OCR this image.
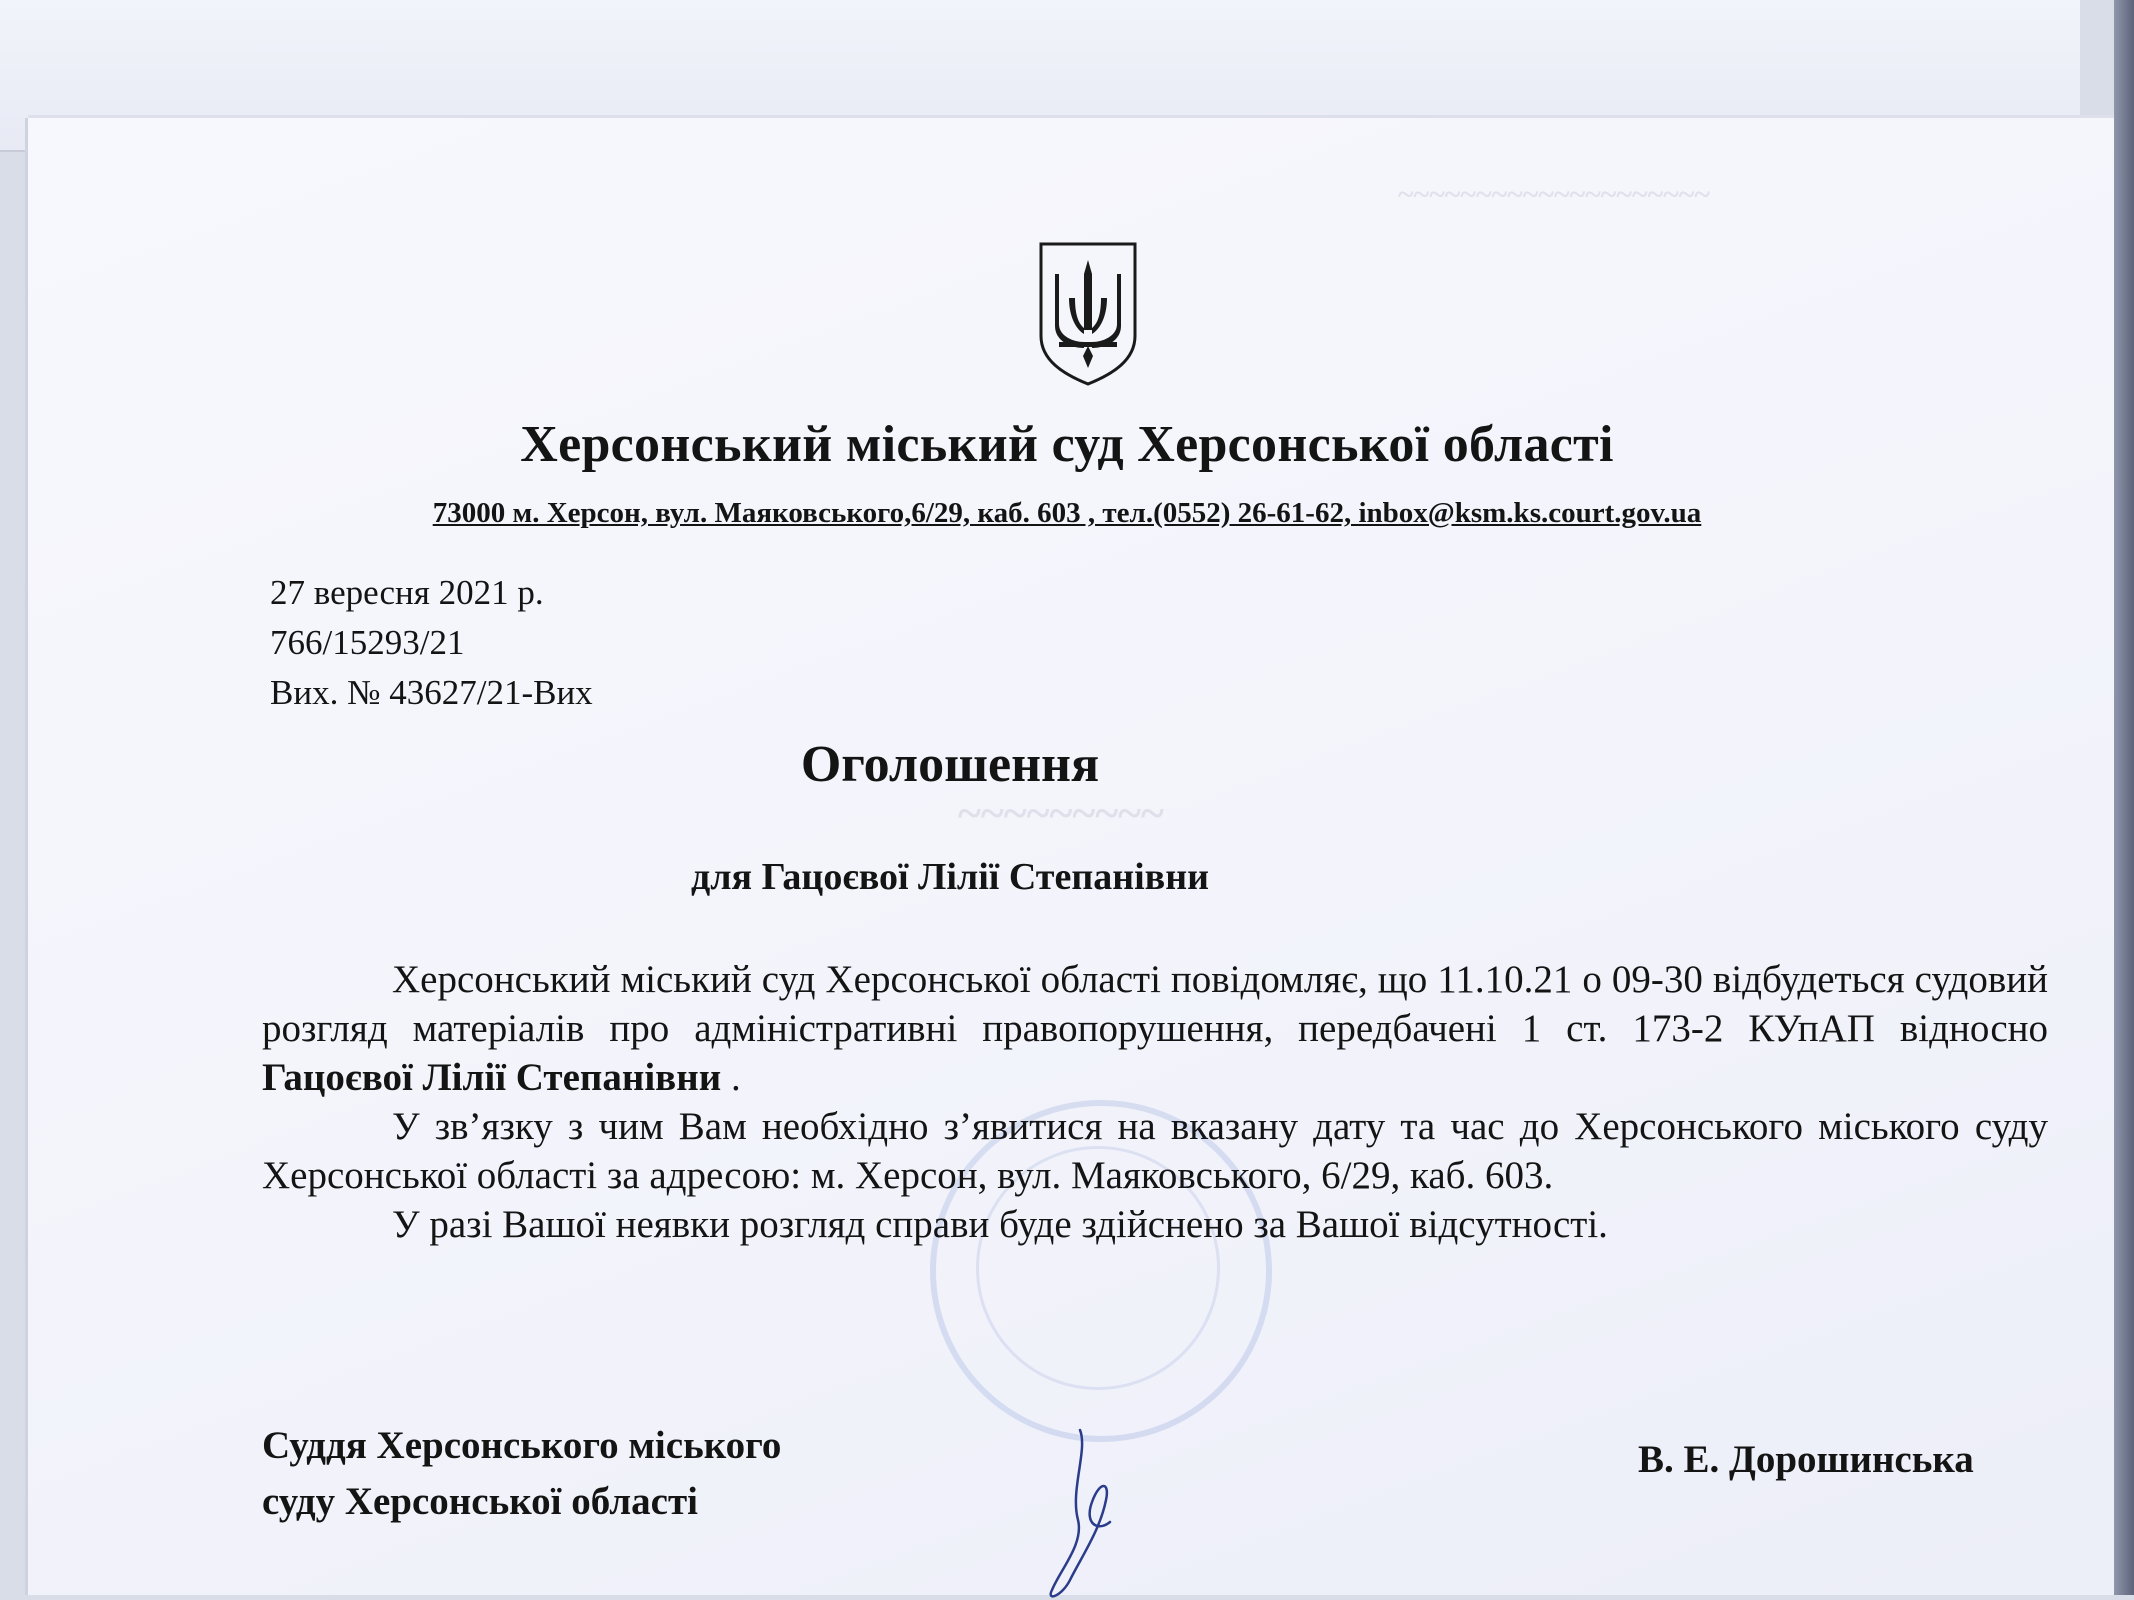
~~~~~~~~~~~~~~~~~~~~
~~~~~~~~~
Херсонський міський суд Херсонської області
73000 м. Херсон, вул. Маяковського,6/29, каб. 603 , тел.(0552) 26-61-62, inbox@ksm.ks.court.gov.ua
27 вересня 2021 р.
766/15293/21
Вих. № 43627/21-Вих
Оголошення
для Гацоєвої Лілії Степанівни

Херсонський міський суд Херсонської області повідомляє, що 11.10.21 о 09-30 відбудеться судовий розгляд матеріалів про адміністративні правопорушення, передбачені 1 ст. 173-2 КУпАП відносно Гацоєвої Лілії Степанівни .

У зв’язку з чим Вам необхідно з’явитися на вказану дату та час до Херсонського міського суду Херсонської області за адресою: м. Херсон, вул. Маяковського, 6/29, каб. 603.

У разі Вашої неявки розгляд справи буде здійснено за Вашої відсутності.

Суддя Херсонського міського
суду Херсонської області
В. Е. Дорошинська
